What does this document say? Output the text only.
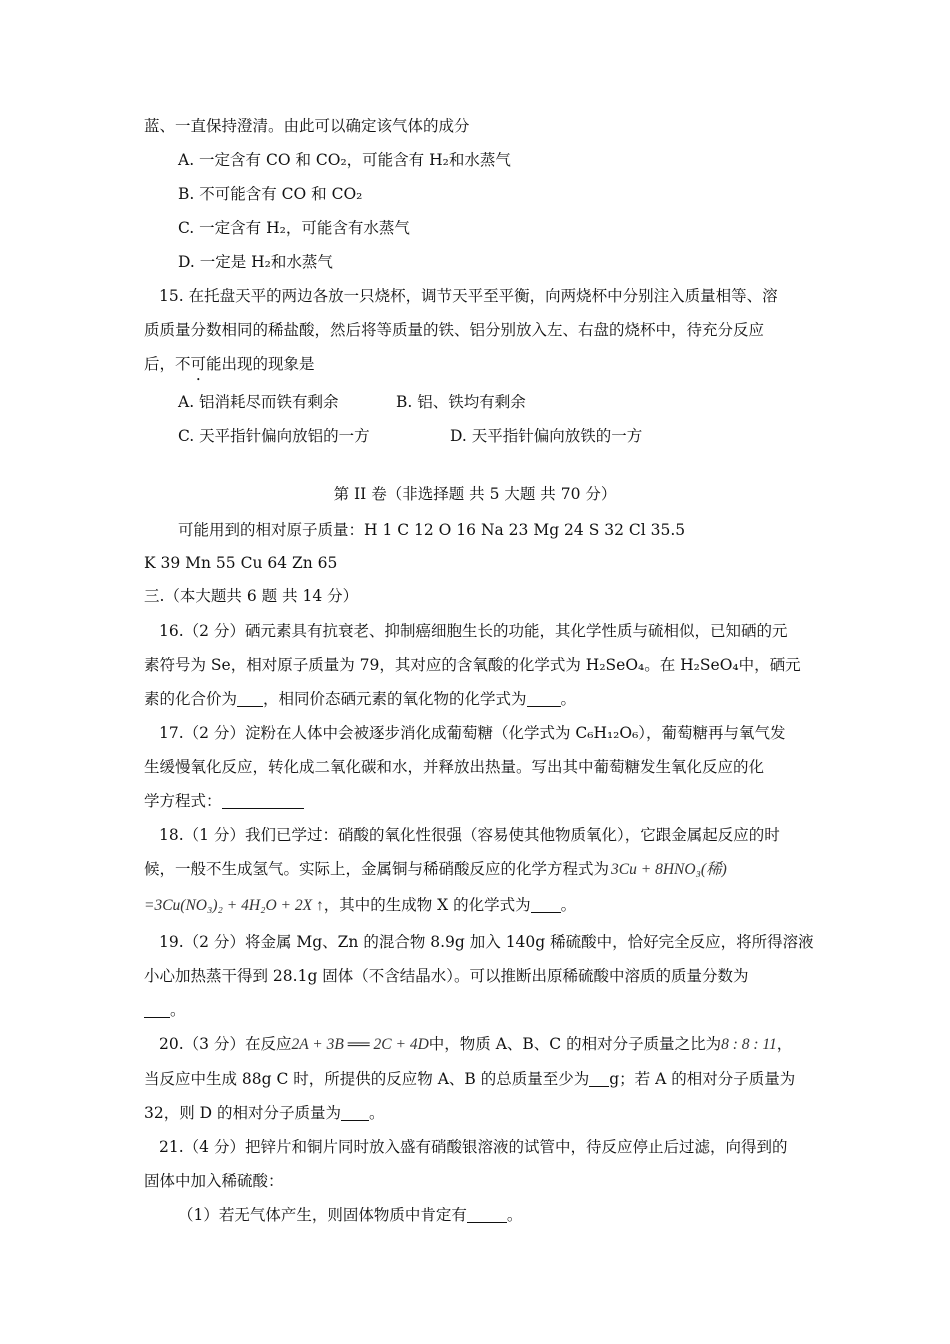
蓝、一直保持澄清。由此可以确定该气体的成分
A. 一定含有 CO 和 CO₂，可能含有 H₂和水蒸气
B. 不可能含有 CO 和 CO₂
C. 一定含有 H₂，可能含有水蒸气
D. 一定是 H₂和水蒸气
15. 在托盘天平的两边各放一只烧杯，调节天平至平衡，向两烧杯中分别注入质量相等、溶
质质量分数相同的稀盐酸，然后将等质量的铁、铝分别放入左、右盘的烧杯中，待充分反应
后，不可能出现的现象是
A. 铝消耗尽而铁有剩余	B. 铝、铁均有剩余
C. 天平指针偏向放铝的一方	D. 天平指针偏向放铁的一方
第 II 卷（非选择题 共 5 大题 共 70 分）
可能用到的相对原子质量：H 1 C 12 O 16 Na 23 Mg 24 S 32 Cl 35.5
K 39 Mn 55 Cu 64 Zn 65
三.（本大题共 6 题 共 14 分）
16.（2 分）硒元素具有抗衰老、抑制癌细胞生长的功能，其化学性质与硫相似，已知硒的元
素符号为 Se，相对原子质量为 79，其对应的含氧酸的化学式为 H₂SeO₄。在 H₂SeO₄中，硒元
素的化合价为 ，相同价态硒元素的氧化物的化学式为 。
17.（2 分）淀粉在人体中会被逐步消化成葡萄糖（化学式为 C₆H₁₂O₆），葡萄糖再与氧气发
生缓慢氧化反应，转化成二氧化碳和水，并释放出热量。写出其中葡萄糖发生氧化反应的化
学方程式：
18.（1 分）我们已学过：硝酸的氧化性很强（容易使其他物质氧化），它跟金属起反应的时
候，一般不生成氢气。实际上，金属铜与稀硝酸反应的化学方程式为 3Cu + 8HNO₃(稀)
=3Cu(NO₃)₂ + 4H₂O + 2X ↑，其中的生成物 X 的化学式为 。
19.（2 分）将金属 Mg、Zn 的混合物 8.9g 加入 140g 稀硫酸中，恰好完全反应，将所得溶液
小心加热蒸干得到 28.1g 固体（不含结晶水）。可以推断出原稀硫酸中溶质的质量分数为
。
20.（3 分）在反应2A + 3B ══ 2C + 4D中，物质 A、B、C 的相对分子质量之比为8 : 8 : 11，
当反应中生成 88g C 时，所提供的反应物 A、B 的总质量至少为 g；若 A 的相对分子质量为
32，则 D 的相对分子质量为 。
21.（4 分）把锌片和铜片同时放入盛有硝酸银溶液的试管中，待反应停止后过滤，向得到的
固体中加入稀硫酸：
（1）若无气体产生，则固体物质中肯定有	。
